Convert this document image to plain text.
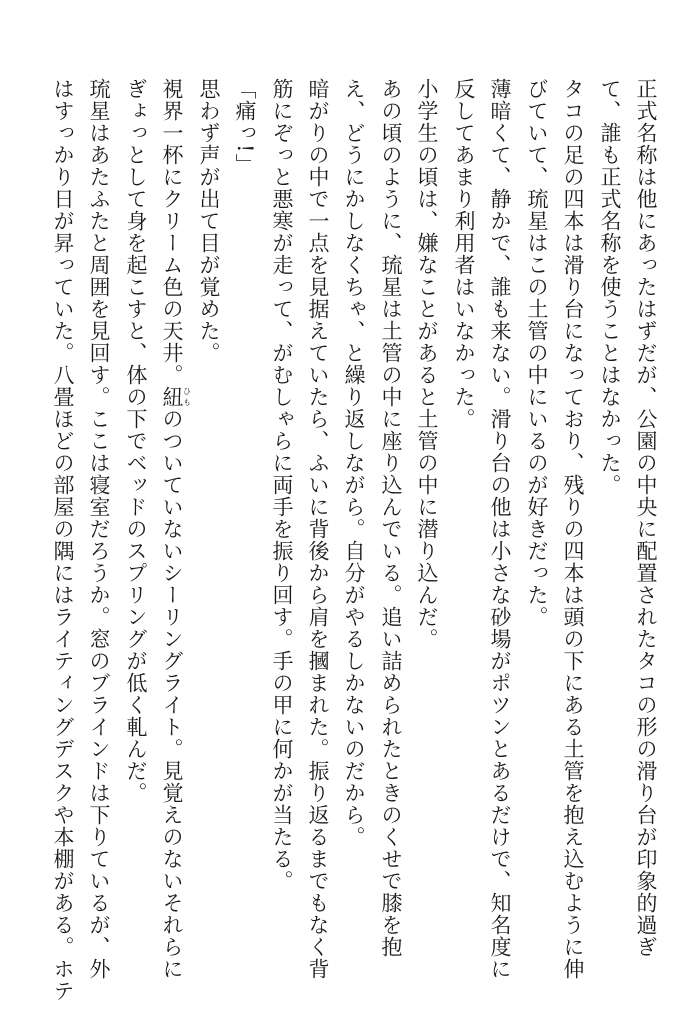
正式名称は他にあったはずだが、公園の中央に配置されたタコの形の滑り台が印象的過ぎ
て、誰も正式名称を使うことはなかった。
タコの足の四本は滑り台になっており、残りの四本は頭の下にある土管を抱え込むように伸
びていて、琉星はこの土管の中にいるのが好きだった。
薄暗くて、静かで、誰も来ない。滑り台の他は小さな砂場がポツンとあるだけで、知名度に
反してあまり利用者はいなかった。
小学生の頃は、嫌なことがあると土管の中に潜り込んだ。
あの頃のように、琉星は土管の中に座り込んでいる。追い詰められたときのくせで膝を抱
え、どうにかしなくちゃ、と繰り返しながら。自分がやるしかないのだから。
暗がりの中で一点を見据えていたら、ふいに背後から肩を摑まれた。振り返るまでもなく背
筋にぞっと悪寒が走って、がむしゃらに両手を振り回す。手の甲に何かが当たる。
「痛っ!」
思わず声が出て目が覚めた。
視界一杯にクリーム色の天井。紐ひものついていないシーリングライト。見覚えのないそれらに
ぎょっとして身を起こすと、体の下でベッドのスプリングが低く軋んだ。
琉星はあたふたと周囲を見回す。ここは寝室だろうか。窓のブラインドは下りているが、外
はすっかり日が昇っていた。八畳ほどの部屋の隅にはライティングデスクや本棚がある。ホテ
